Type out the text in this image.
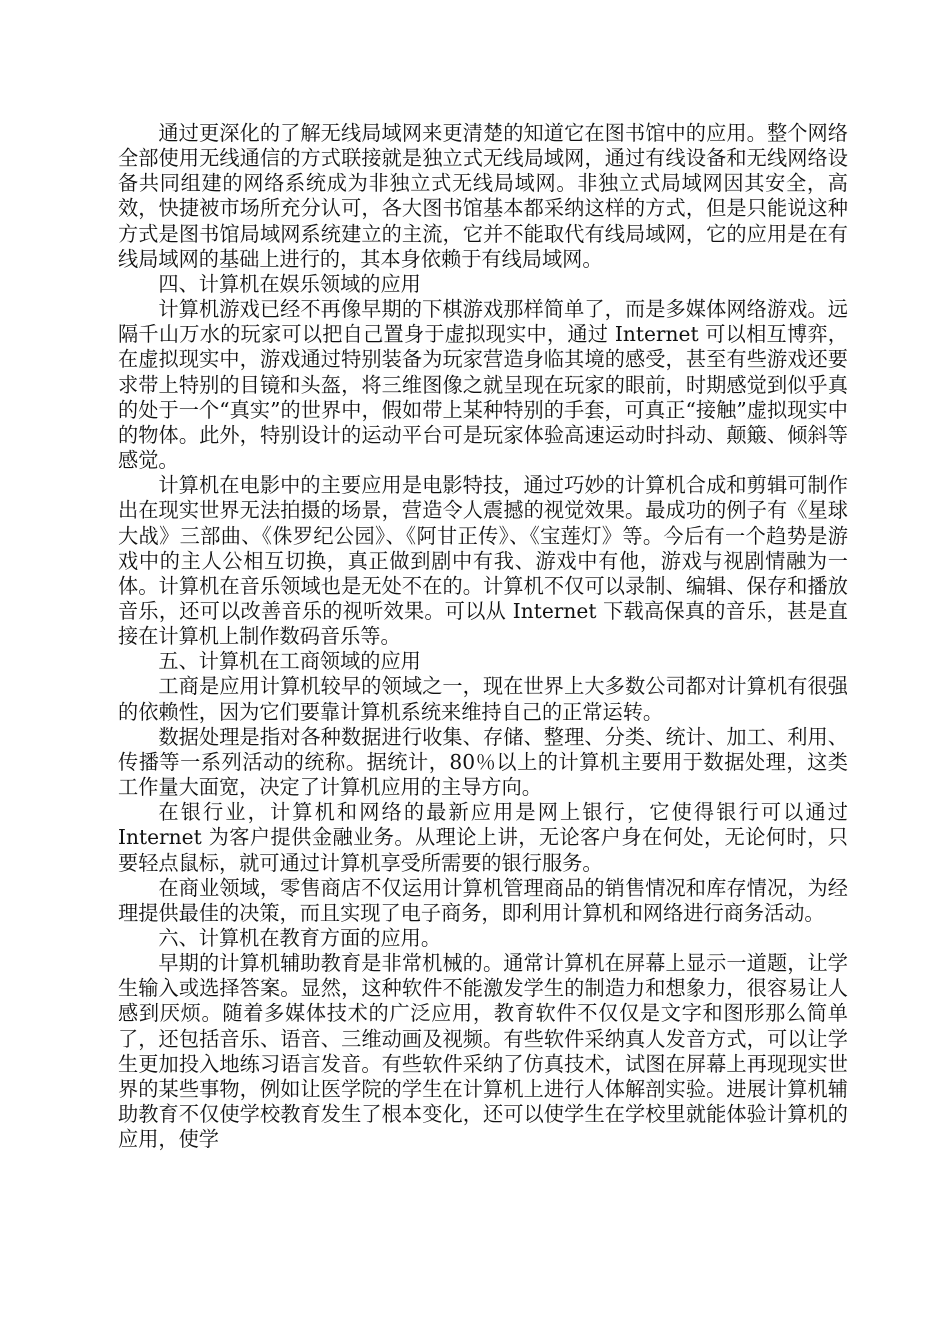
通过更深化的了解无线局域网来更清楚的知道它在图书馆中的应用。整个网络全部使用无线通信的方式联接就是独立式无线局域网，通过有线设备和无线网络设备共同组建的网络系统成为非独立式无线局域网。非独立式局域网因其安全，高效，快捷被市场所充分认可，各大图书馆基本都采纳这样的方式，但是只能说这种方式是图书馆局域网系统建立的主流，它并不能取代有线局域网，它的应用是在有线局域网的基础上进行的，其本身依赖于有线局域网。

四、计算机在娱乐领域的应用

计算机游戏已经不再像早期的下棋游戏那样简单了，而是多媒体网络游戏。远隔千山万水的玩家可以把自己置身于虚拟现实中，通过 Internet 可以相互博弈，在虚拟现实中，游戏通过特别装备为玩家营造身临其境的感受，甚至有些游戏还要求带上特别的目镜和头盔，将三维图像之就呈现在玩家的眼前，时期感觉到似乎真的处于一个“真实”的世界中，假如带上某种特别的手套，可真正“接触”虚拟现实中的物体。此外，特别设计的运动平台可是玩家体验高速运动时抖动、颠簸、倾斜等感觉。

计算机在电影中的主要应用是电影特技，通过巧妙的计算机合成和剪辑可制作出在现实世界无法拍摄的场景，营造令人震撼的视觉效果。最成功的例子有《星球大战》三部曲、《侏罗纪公园》、《阿甘正传》、《宝莲灯》等。今后有一个趋势是游戏中的主人公相互切换，真正做到剧中有我、游戏中有他，游戏与视剧情融为一体。计算机在音乐领域也是无处不在的。计算机不仅可以录制、编辑、保存和播放音乐，还可以改善音乐的视听效果。可以从 Internet 下载高保真的音乐，甚是直接在计算机上制作数码音乐等。

五、计算机在工商领域的应用

工商是应用计算机较早的领域之一，现在世界上大多数公司都对计算机有很强的依赖性，因为它们要靠计算机系统来维持自己的正常运转。

数据处理是指对各种数据进行收集、存储、整理、分类、统计、加工、利用、传播等一系列活动的统称。据统计，80％以上的计算机主要用于数据处理，这类工作量大面宽，决定了计算机应用的主导方向。

在银行业，计算机和网络的最新应用是网上银行，它使得银行可以通过 Internet 为客户提供金融业务。从理论上讲，无论客户身在何处，无论何时，只要轻点鼠标，就可通过计算机享受所需要的银行服务。

在商业领域，零售商店不仅运用计算机管理商品的销售情况和库存情况，为经理提供最佳的决策，而且实现了电子商务，即利用计算机和网络进行商务活动。

六、计算机在教育方面的应用。

早期的计算机辅助教育是非常机械的。通常计算机在屏幕上显示一道题，让学生输入或选择答案。显然，这种软件不能激发学生的制造力和想象力，很容易让人感到厌烦。随着多媒体技术的广泛应用，教育软件不仅仅是文字和图形那么简单了，还包括音乐、语音、三维动画及视频。有些软件采纳真人发音方式，可以让学生更加投入地练习语言发音。有些软件采纳了仿真技术，试图在屏幕上再现现实世界的某些事物，例如让医学院的学生在计算机上进行人体解剖实验。进展计算机辅助教育不仅使学校教育发生了根本变化，还可以使学生在学校里就能体验计算机的应用，使学
